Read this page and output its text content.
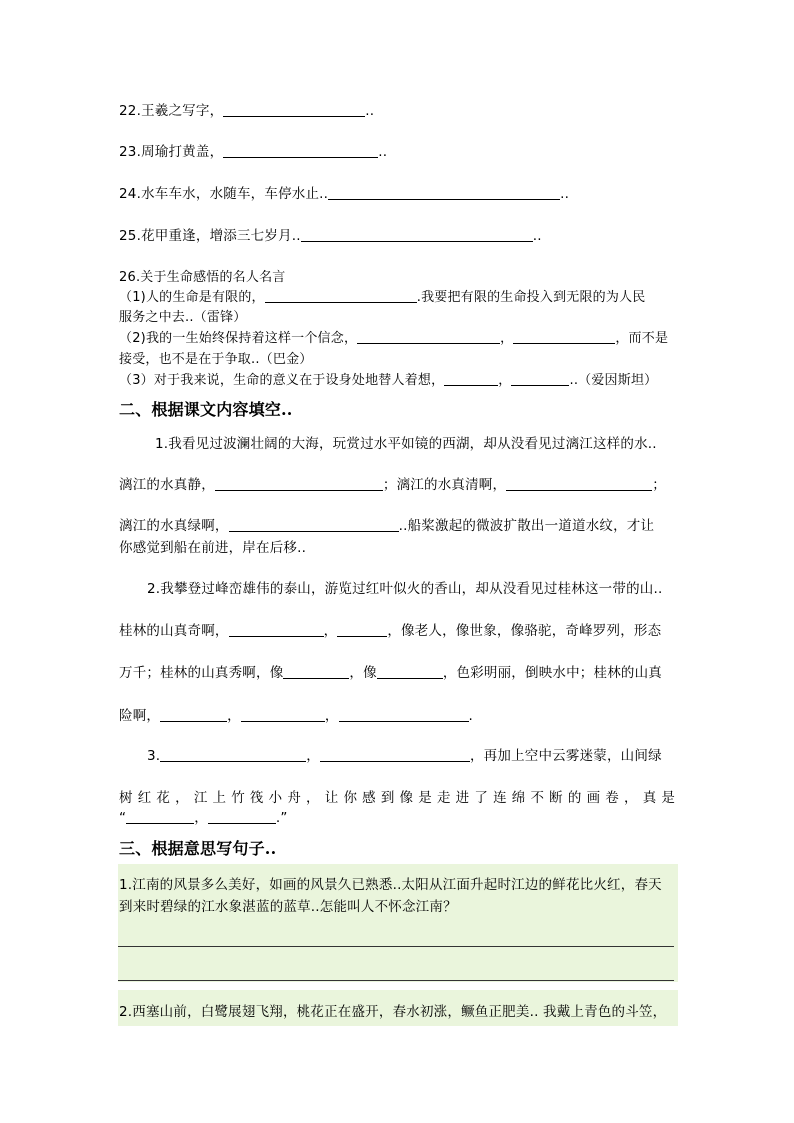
22.王羲之写字，	..
23.周瑜打黄盖，	..
24.水车车水，水随车，车停水止..	..
25.花甲重逢，增添三七岁月..	..
26.关于生命感悟的名人名言
（1)人的生命是有限的，	.我要把有限的生命投入到无限的为人民
服务之中去..（雷锋）
（2)我的一生始终保持着这样一个信念，	，	，而不是
接受，也不是在于争取..（巴金）
（3）对于我来说，生命的意义在于设身处地替人着想，	，	..（爱因斯坦）
二、根据课文内容填空..
1.我看见过波澜壮阔的大海，玩赏过水平如镜的西湖，却从没看见过漓江这样的水..
漓江的水真静，	；漓江的水真清啊，	；
漓江的水真绿啊，	..船桨激起的微波扩散出一道道水纹，才让
你感觉到船在前进，岸在后移..
2.我攀登过峰峦雄伟的泰山，游览过红叶似火的香山，却从没看见过桂林这一带的山..
桂林的山真奇啊，	，	，像老人，像世象，像骆驼，奇峰罗列，形态
万千；桂林的山真秀啊，像	，像	，色彩明丽，倒映水中；桂林的山真
险啊，	，	，	.
3.	，	，再加上空中云雾迷蒙，山间绿
树 红 花 ， 江 上 竹 筏 小 舟 ， 让 你 感 到 像 是 走 进 了 连 绵 不 断 的 画 卷 ， 真 是
“	，	.”
三、根据意思写句子..
1.江南的风景多么美好，如画的风景久已熟悉..太阳从江面升起时江边的鲜花比火红，春天
到来时碧绿的江水象湛蓝的蓝草..怎能叫人不怀念江南？
2.西塞山前，白鹭展翅飞翔，桃花正在盛开，春水初涨，鳜鱼正肥美.. 我戴上青色的斗笠，
